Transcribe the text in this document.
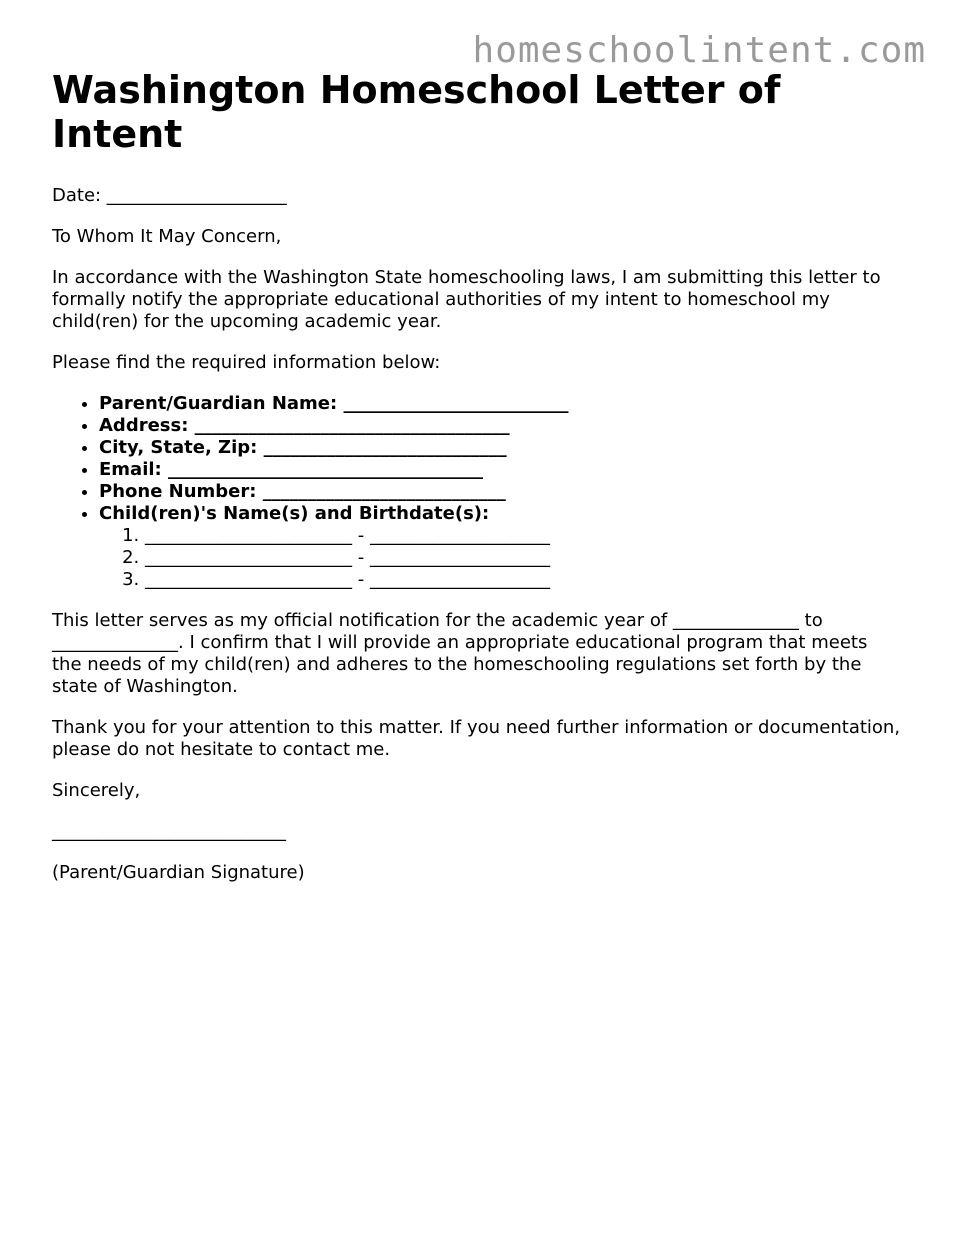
homeschoolintent.com
Washington Homeschool Letter of Intent

Date: ____________________

To Whom It May Concern,

In accordance with the Washington State homeschooling laws, I am submitting this letter to formally notify the appropriate educational authorities of my intent to homeschool my child(ren) for the upcoming academic year.

Please find the required information below:

• Parent/Guardian Name: _________________________
• Address: ___________________________________
• City, State, Zip: ___________________________
• Email: ___________________________________
• Phone Number: ___________________________
• Child(ren)'s Name(s) and Birthdate(s):
1. _______________________ - ____________________
2. _______________________ - ____________________
3. _______________________ - ____________________

This letter serves as my official notification for the academic year of ______________ to ______________. I confirm that I will provide an appropriate educational program that meets the needs of my child(ren) and adheres to the homeschooling regulations set forth by the state of Washington.

Thank you for your attention to this matter. If you need further information or documentation, please do not hesitate to contact me.

Sincerely,

__________________________

(Parent/Guardian Signature)
